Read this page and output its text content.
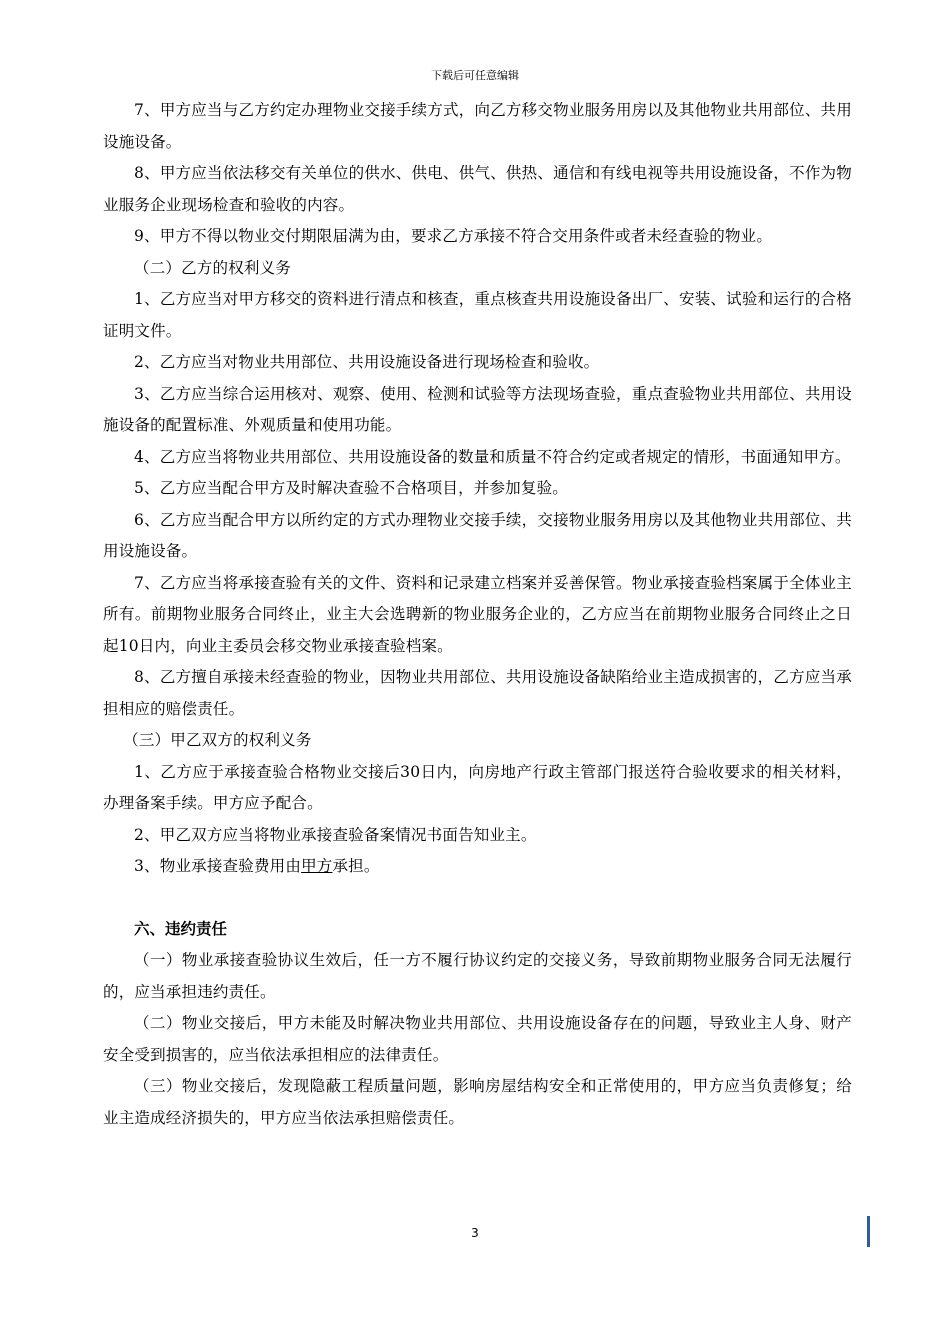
下载后可任意编辑

7、甲方应当与乙方约定办理物业交接手续方式，向乙方移交物业服务用房以及其他物业共用部位、共用设施设备。

8、甲方应当依法移交有关单位的供水、供电、供气、供热、通信和有线电视等共用设施设备，不作为物业服务企业现场检查和验收的内容。

9、甲方不得以物业交付期限届满为由，要求乙方承接不符合交用条件或者未经查验的物业。

（二）乙方的权利义务

1、乙方应当对甲方移交的资料进行清点和核查，重点核查共用设施设备出厂、安装、试验和运行的合格证明文件。

2、乙方应当对物业共用部位、共用设施设备进行现场检查和验收。

3、乙方应当综合运用核对、观察、使用、检测和试验等方法现场查验，重点查验物业共用部位、共用设施设备的配置标准、外观质量和使用功能。

4、乙方应当将物业共用部位、共用设施设备的数量和质量不符合约定或者规定的情形，书面通知甲方。

5、乙方应当配合甲方及时解决查验不合格项目，并参加复验。

6、乙方应当配合甲方以所约定的方式办理物业交接手续，交接物业服务用房以及其他物业共用部位、共用设施设备。

7、乙方应当将承接查验有关的文件、资料和记录建立档案并妥善保管。物业承接查验档案属于全体业主所有。前期物业服务合同终止，业主大会选聘新的物业服务企业的，乙方应当在前期物业服务合同终止之日起10日内，向业主委员会移交物业承接查验档案。

8、乙方擅自承接未经查验的物业，因物业共用部位、共用设施设备缺陷给业主造成损害的，乙方应当承担相应的赔偿责任。

（三）甲乙双方的权利义务

1、乙方应于承接查验合格物业交接后30日内，向房地产行政主管部门报送符合验收要求的相关材料，办理备案手续。甲方应予配合。

2、甲乙双方应当将物业承接查验备案情况书面告知业主。

3、物业承接查验费用由甲方承担。

六、违约责任

（一）物业承接查验协议生效后，任一方不履行协议约定的交接义务，导致前期物业服务合同无法履行的，应当承担违约责任。

（二）物业交接后，甲方未能及时解决物业共用部位、共用设施设备存在的问题，导致业主人身、财产安全受到损害的，应当依法承担相应的法律责任。

（三）物业交接后，发现隐蔽工程质量问题，影响房屋结构安全和正常使用的，甲方应当负责修复；给业主造成经济损失的，甲方应当依法承担赔偿责任。

3
